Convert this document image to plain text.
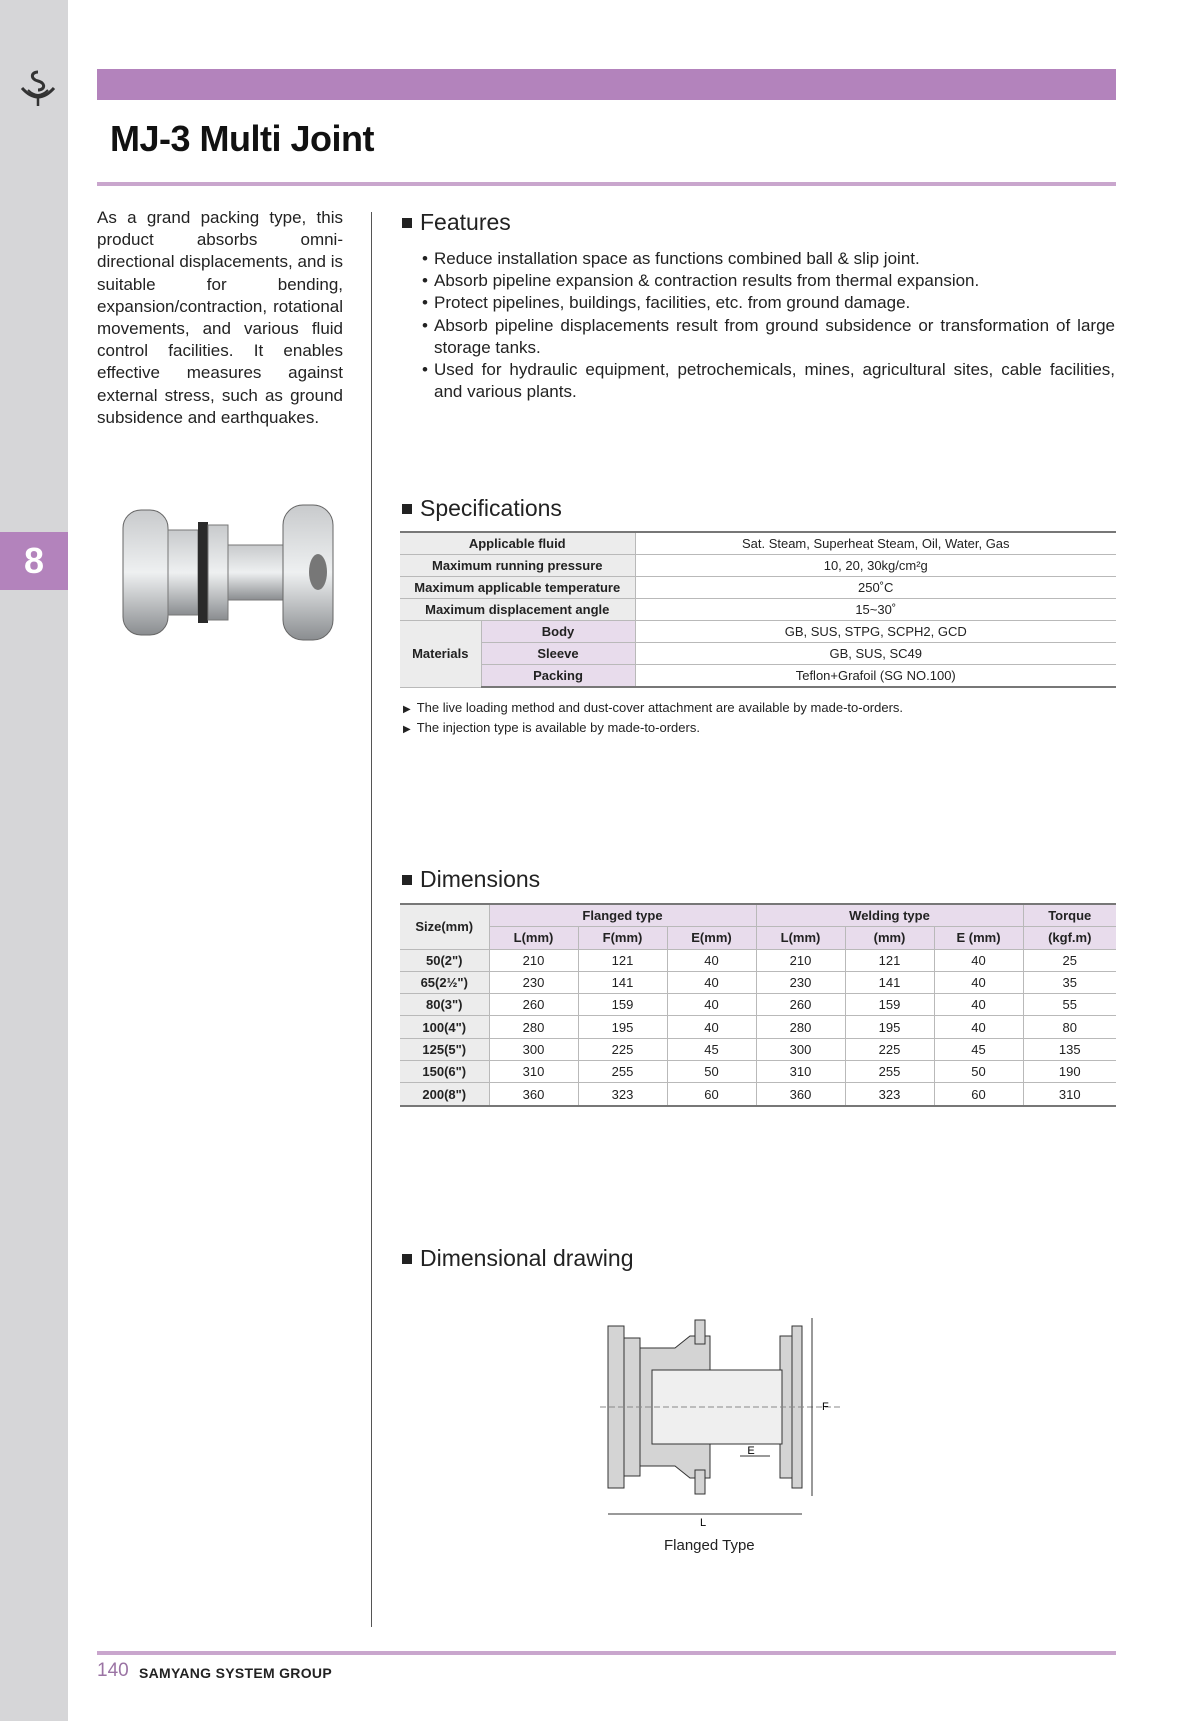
8
MJ-3 Multi Joint

As a grand packing type, this product absorbs omni-directional displacements, and is suitable for bending, expansion/contraction, rotational movements, and various fluid control facilities. It enables effective measures against external stress, such as ground subsidence and earthquakes.

Features
• Reduce installation space as functions combined ball & slip joint.
• Absorb pipeline expansion & contraction results from thermal expansion.
• Protect pipelines, buildings, facilities, etc. from ground damage.
• Absorb pipeline displacements result from ground subsidence or transformation of large storage tanks.
• Used for hydraulic equipment, petrochemicals, mines, agricultural sites, cable facilities, and various plants.
Specifications
Applicable fluid		Sat. Steam, Superheat Steam, Oil, Water, Gas
Maximum running pressure		10, 20, 30kg/cm²g
Maximum applicable temperature		250˚C
Maximum displacement angle		15~30˚
Materials	Body	GB, SUS, STPG, SCPH2, GCD
	Sleeve	GB, SUS, SC49
	Packing	Teflon+Grafoil (SG NO.100)
▶ The live loading method and dust-cover attachment are available by made-to-orders.
▶ The injection type is available by made-to-orders.
Dimensions
Size(mm)	Flanged type			Welding type			Torque
	L(mm)	F(mm)	E(mm)	L(mm)	(mm)	E (mm)	(kgf.m)
50(2")	210	121	40	210	121	40	25
65(2½")	230	141	40	230	141	40	35
80(3")	260	159	40	260	159	40	55
100(4")	280	195	40	280	195	40	80
125(5")	300	225	45	300	225	45	135
150(6")	310	255	50	310	255	50	190
200(8")	360	323	60	360	323	60	310
Dimensional drawing
L
F
E
Flanged Type
140 SAMYANG SYSTEM GROUP
